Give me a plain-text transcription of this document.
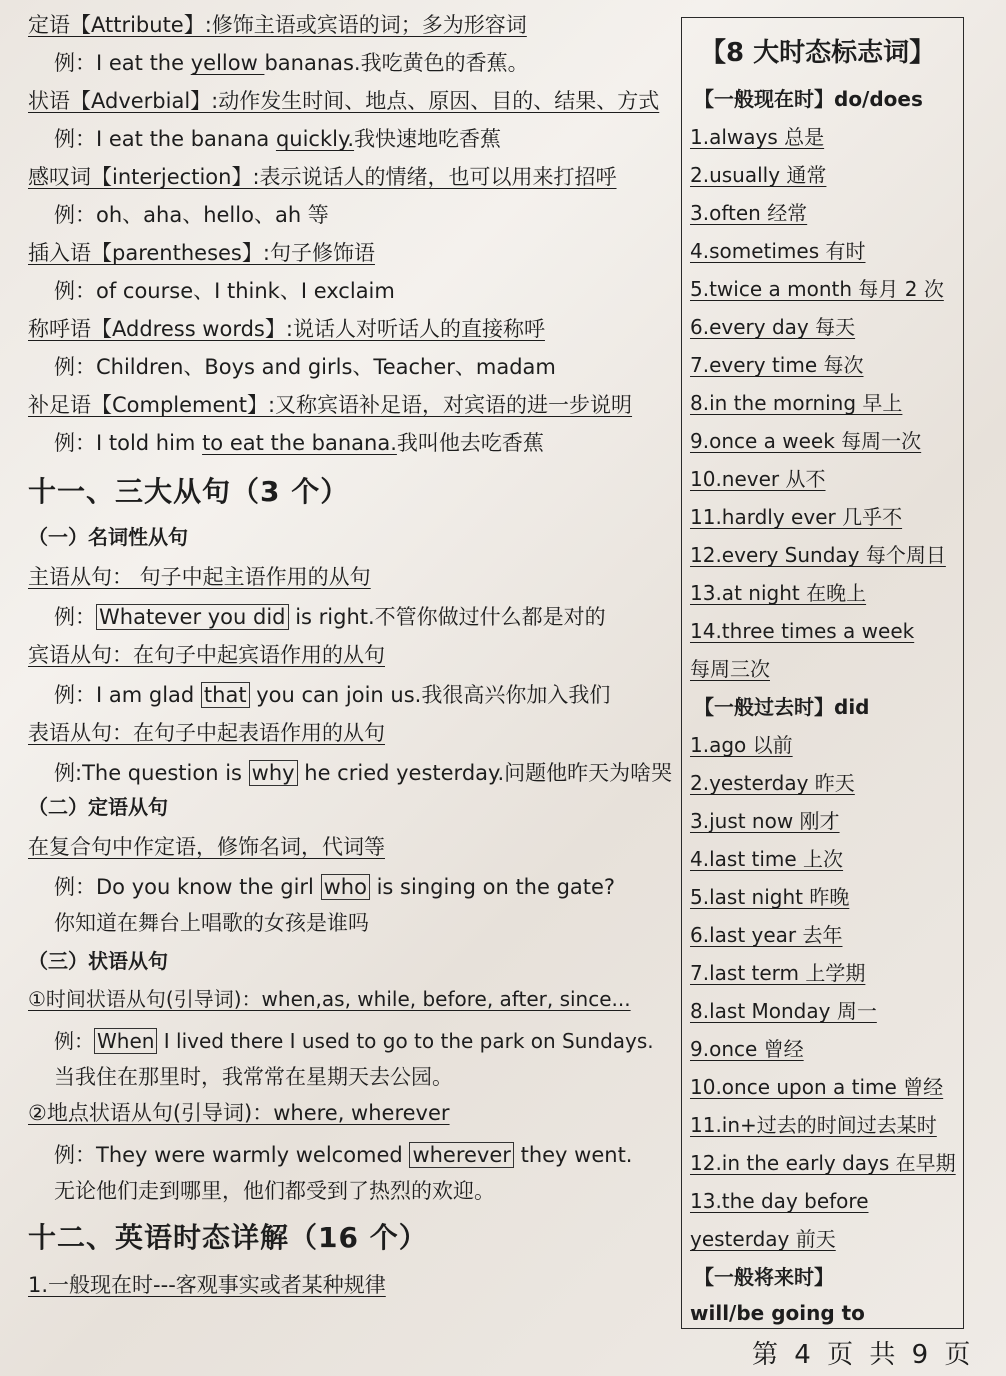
定语【Attribute】:修饰主语或宾语的词；多为形容词
例：I eat the yellow bananas.我吃黄色的香蕉。
状语【Adverbial】:动作发生时间、地点、原因、目的、结果、方式
例：I eat the banana quickly.我快速地吃香蕉
感叹词【interjection】:表示说话人的情绪，也可以用来打招呼
例：oh、aha、hello、ah 等
插入语【parentheses】:句子修饰语
例：of course、I think、I exclaim
称呼语【Address words】:说话人对听话人的直接称呼
例：Children、Boys and girls、Teacher、madam
补足语【Complement】:又称宾语补足语，对宾语的进一步说明
例：I told him to eat the banana.我叫他去吃香蕉
十一、三大从句（3 个）
（一）名词性从句
主语从句： 句子中起主语作用的从句
例： Whatever you did is right.不管你做过什么都是对的
宾语从句：在句子中起宾语作用的从句
例：I am glad that you can join us.我很高兴你加入我们
表语从句：在句子中起表语作用的从句
例:The question is why he cried yesterday.问题他昨天为啥哭
（二）定语从句
在复合句中作定语，修饰名词，代词等
例：Do you know the girl who is singing on the gate?
你知道在舞台上唱歌的女孩是谁吗
（三）状语从句
①时间状语从句(引导词)：when,as, while, before, after, since...
例： When I lived there I used to go to the park on Sundays.
当我住在那里时，我常常在星期天去公园。
②地点状语从句(引导词)：where, wherever
例：They were warmly welcomed wherever they went.
无论他们走到哪里，他们都受到了热烈的欢迎。
十二、英语时态详解（16 个）
1.一般现在时---客观事实或者某种规律
【8 大时态标志词】
【一般现在时】do/does
1.always 总是
2.usually 通常
3.often 经常
4.sometimes 有时
5.twice a month 每月 2 次
6.every day 每天
7.every time 每次
8.in the morning 早上
9.once a week 每周一次
10.never 从不
11.hardly ever 几乎不
12.every Sunday 每个周日
13.at night 在晚上
14.three times a week
每周三次
【一般过去时】did
1.ago 以前
2.yesterday 昨天
3.just now 刚才
4.last time 上次
5.last night 昨晚
6.last year 去年
7.last term 上学期
8.last Monday 周一
9.once 曾经
10.once upon a time 曾经
11.in+过去的时间过去某时
12.in the early days 在早期
13.the day before
yesterday 前天
【一般将来时】
will/be going to
第 4 页 共 9 页
